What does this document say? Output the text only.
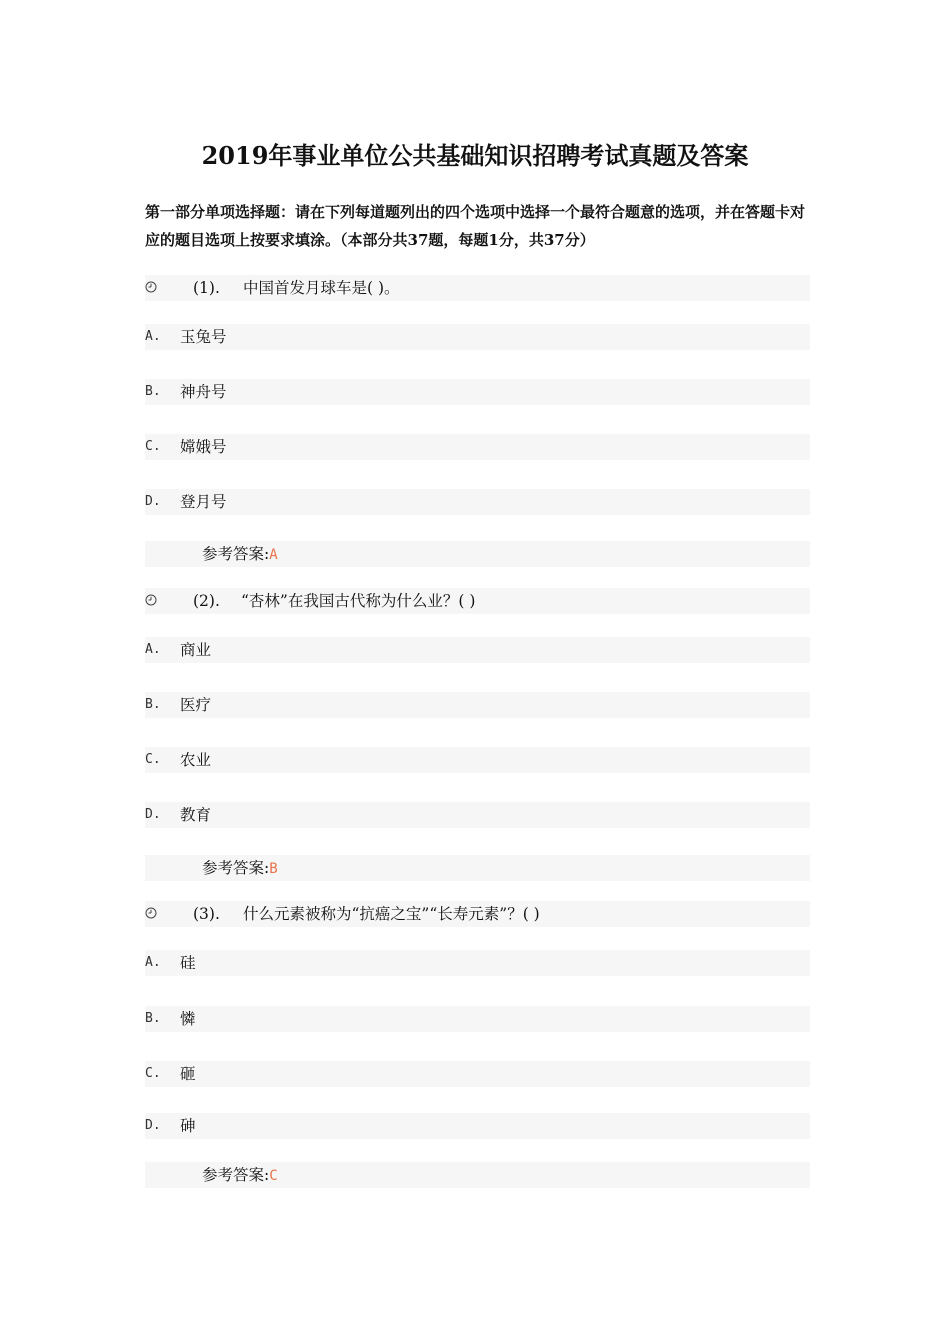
2019年事业单位公共基础知识招聘考试真题及答案
第一部分单项选择题：请在下列每道题列出的四个选项中选择一个最符合题意的选项，并在答题卡对应的题目选项上按要求填涂。（本部分共37题，每题1分，共37分）
(1). 中国首发月球车是( )。
A. 玉兔号
B. 神舟号
C. 嫦娥号
D. 登月号
参考答案:A
(2). “杏林”在我国古代称为什么业？( )
A. 商业
B. 医疗
C. 农业
D. 教育
参考答案:B
(3). 什么元素被称为“抗癌之宝”“长寿元素”？( )
A. 硅
B. 憐
C. 砸
D. 砷
参考答案:C
